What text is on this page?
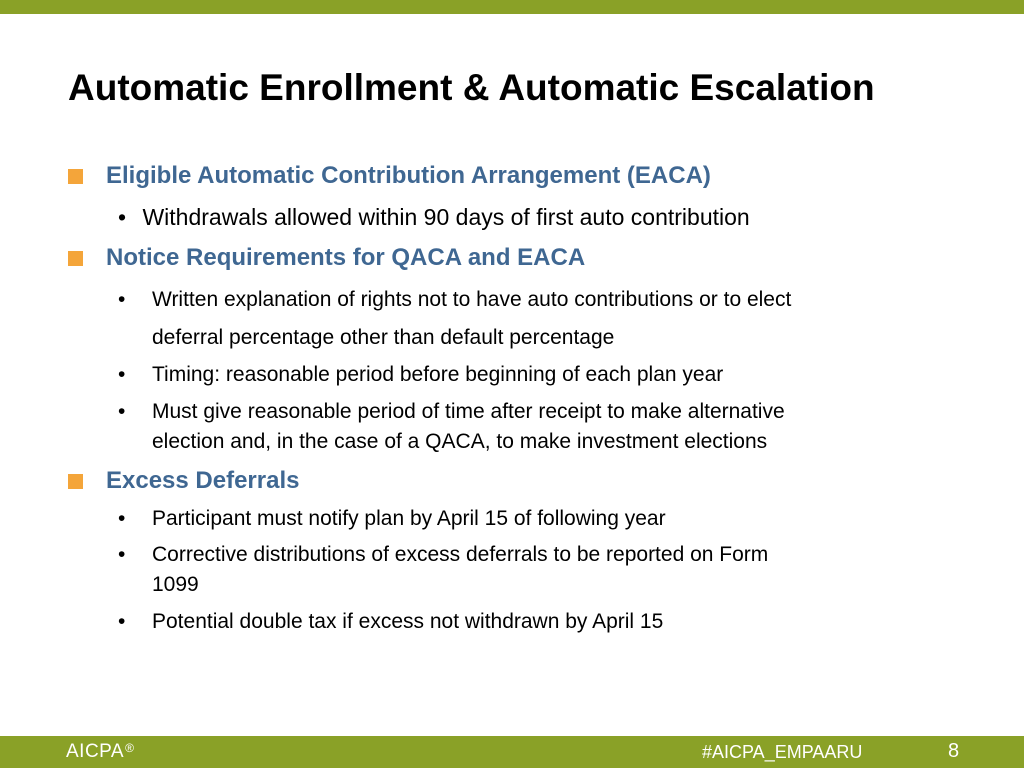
Automatic Enrollment & Automatic Escalation
Eligible Automatic Contribution Arrangement (EACA)
• Withdrawals allowed within 90 days of first auto contribution
Notice Requirements for QACA and EACA
• Written explanation of rights not to have auto contributions or to elect
deferral percentage other than default percentage
• Timing: reasonable period before beginning of each plan year
• Must give reasonable period of time after receipt to make alternative
election and, in the case of a QACA, to make investment elections
Excess Deferrals
• Participant must notify plan by April 15 of following year
• Corrective distributions of excess deferrals to be reported on Form
1099
• Potential double tax if excess not withdrawn by April 15
AICPA ®	#AICPA_EMPAARU	8
